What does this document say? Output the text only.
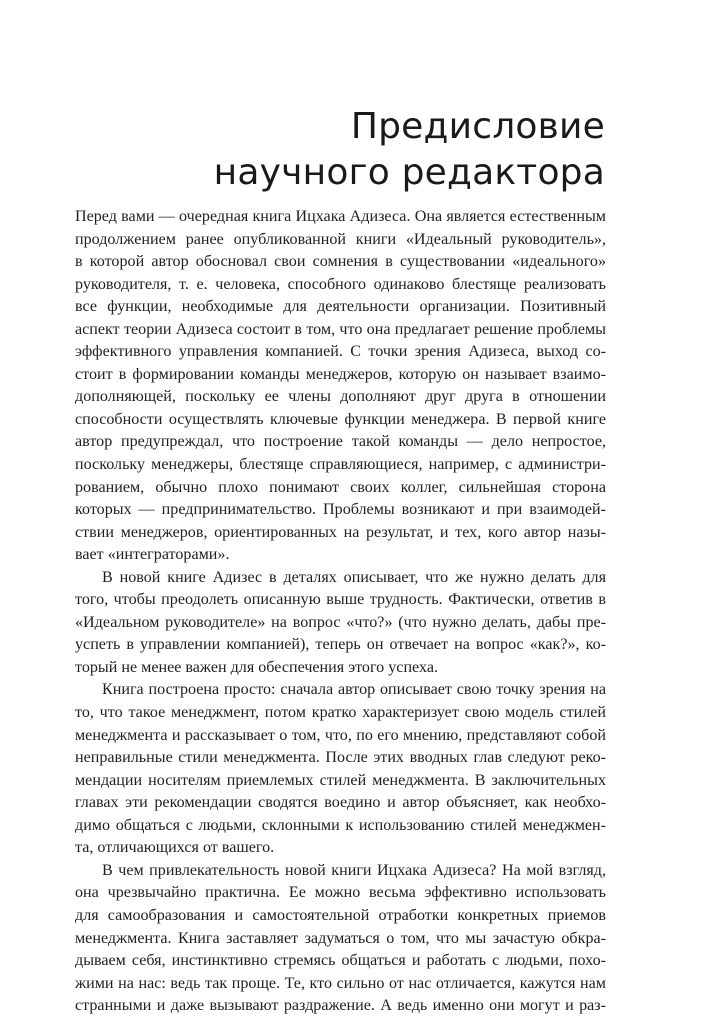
Предисловие
научного редактора

Перед вами — очередная книга Ицхака Адизеса. Она является естественным
продолжением ранее опубликованной книги «Идеальный руководитель»,
в которой автор обосновал свои сомнения в существовании «идеального»
руководителя, т. е. человека, способного одинаково блестяще реализовать
все функции, необходимые для деятельности организации. Позитивный
аспект теории Адизеса состоит в том, что она предлагает решение проблемы
эффективного управления компанией. С точки зрения Адизеса, выход со-
стоит в формировании команды менеджеров, которую он называет взаимо-
дополняющей, поскольку ее члены дополняют друг друга в отношении
способности осуществлять ключевые функции менеджера. В первой книге
автор предупреждал, что построение такой команды — дело непростое,
поскольку менеджеры, блестяще справляющиеся, например, с администри-
рованием, обычно плохо понимают своих коллег, сильнейшая сторона
которых — предпринимательство. Проблемы возникают и при взаимодей-
ствии менеджеров, ориентированных на результат, и тех, кого автор назы-
вает «интеграторами».

В новой книге Адизес в деталях описывает, что же нужно делать для
того, чтобы преодолеть описанную выше трудность. Фактически, ответив в
«Идеальном руководителе» на вопрос «что?» (что нужно делать, дабы пре-
успеть в управлении компанией), теперь он отвечает на вопрос «как?», ко-
торый не менее важен для обеспечения этого успеха.

Книга построена просто: сначала автор описывает свою точку зрения на
то, что такое менеджмент, потом кратко характеризует свою модель стилей
менеджмента и рассказывает о том, что, по его мнению, представляют собой
неправильные стили менеджмента. После этих вводных глав следуют реко-
мендации носителям приемлемых стилей менеджмента. В заключительных
главах эти рекомендации сводятся воедино и автор объясняет, как необхо-
димо общаться с людьми, склонными к использованию стилей менеджмен-
та, отличающихся от вашего.

В чем привлекательность новой книги Ицхака Адизеса? На мой взгляд,
она чрезвычайно практична. Ее можно весьма эффективно использовать
для самообразования и самостоятельной отработки конкретных приемов
менеджмента. Книга заставляет задуматься о том, что мы зачастую обкра-
дываем себя, инстинктивно стремясь общаться и работать с людьми, похо-
жими на нас: ведь так проще. Те, кто сильно от нас отличается, кажутся нам
странными и даже вызывают раздражение. А ведь именно они могут и раз-
